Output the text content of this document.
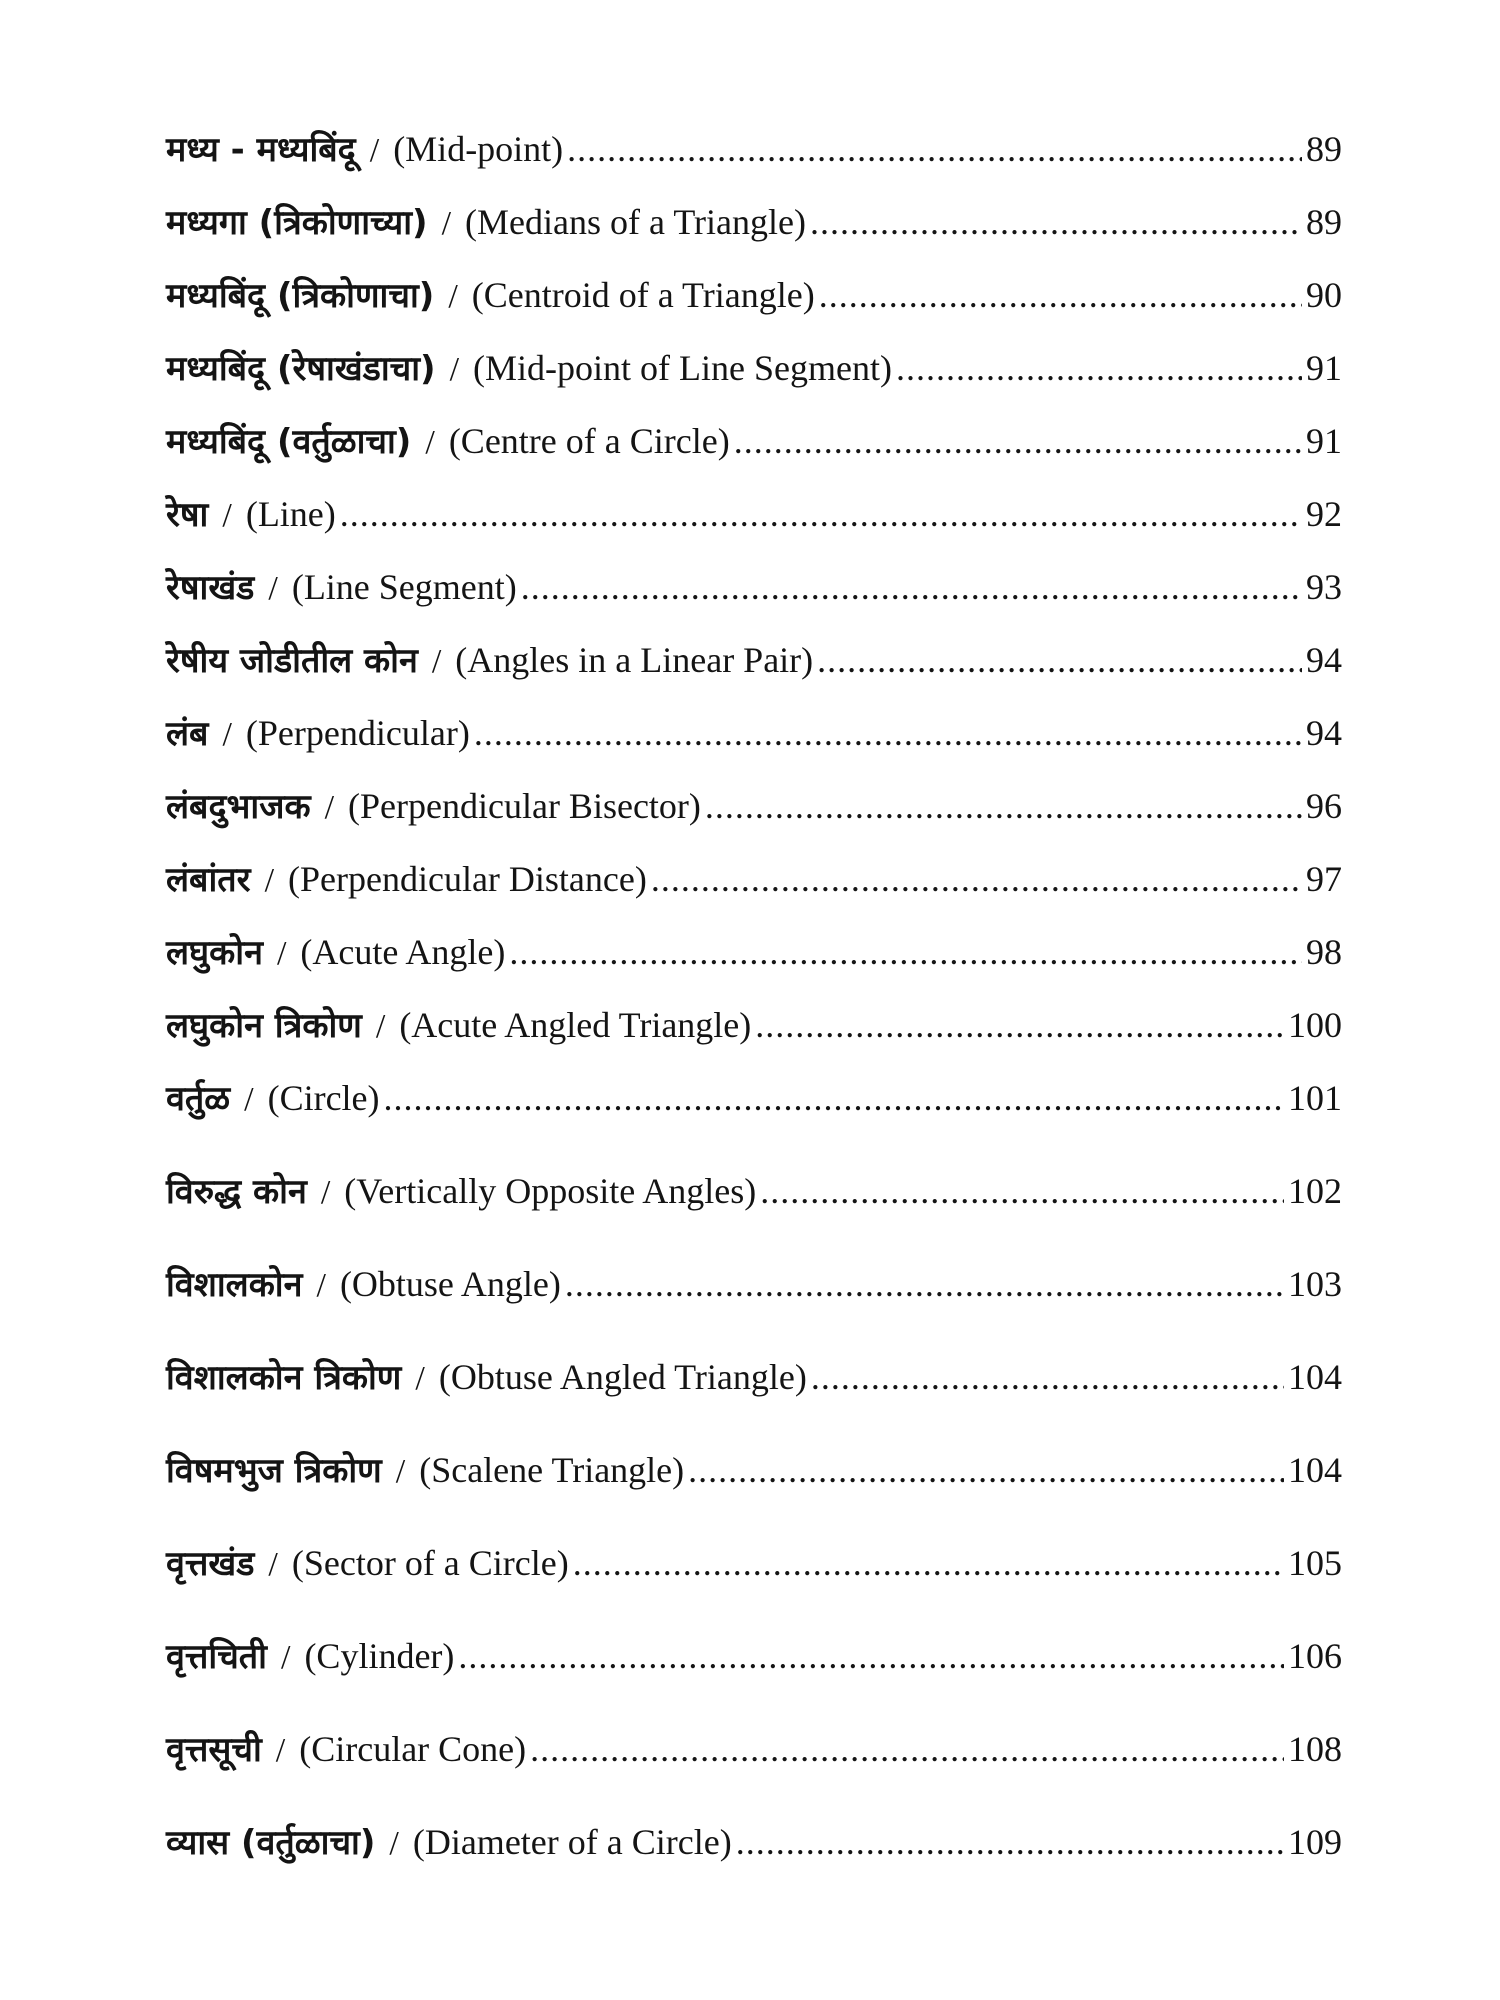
मध्य - मध्यबिंदू / (Mid-point) .....	89
मध्यगा (त्रिकोणाच्या) / (Medians of a Triangle) .....	89
मध्यबिंदू (त्रिकोणाचा) / (Centroid of a Triangle) .....	90
मध्यबिंदू (रेषाखंडाचा) / (Mid-point of Line Segment) .....	91
मध्यबिंदू (वर्तुळाचा) / (Centre of a Circle) .....	91
रेषा / (Line) .....	92
रेषाखंड / (Line Segment) .....	93
रेषीय जोडीतील कोन / (Angles in a Linear Pair) .....	94
लंब / (Perpendicular) .....	94
लंबदुभाजक / (Perpendicular Bisector) .....	96
लंबांतर / (Perpendicular Distance) .....	97
लघुकोन / (Acute Angle) .....	98
लघुकोन त्रिकोण / (Acute Angled Triangle) .....	100
वर्तुळ / (Circle) .....	101
विरुद्ध कोन / (Vertically Opposite Angles) .....	102
विशालकोन / (Obtuse Angle) .....	103
विशालकोन त्रिकोण / (Obtuse Angled Triangle) .....	104
विषमभुज त्रिकोण / (Scalene Triangle) .....	104
वृत्तखंड / (Sector of a Circle) .....	105
वृत्तचिती / (Cylinder) .....	106
वृत्तसूची / (Circular Cone) .....	108
व्यास (वर्तुळाचा) / (Diameter of a Circle) .....	109
